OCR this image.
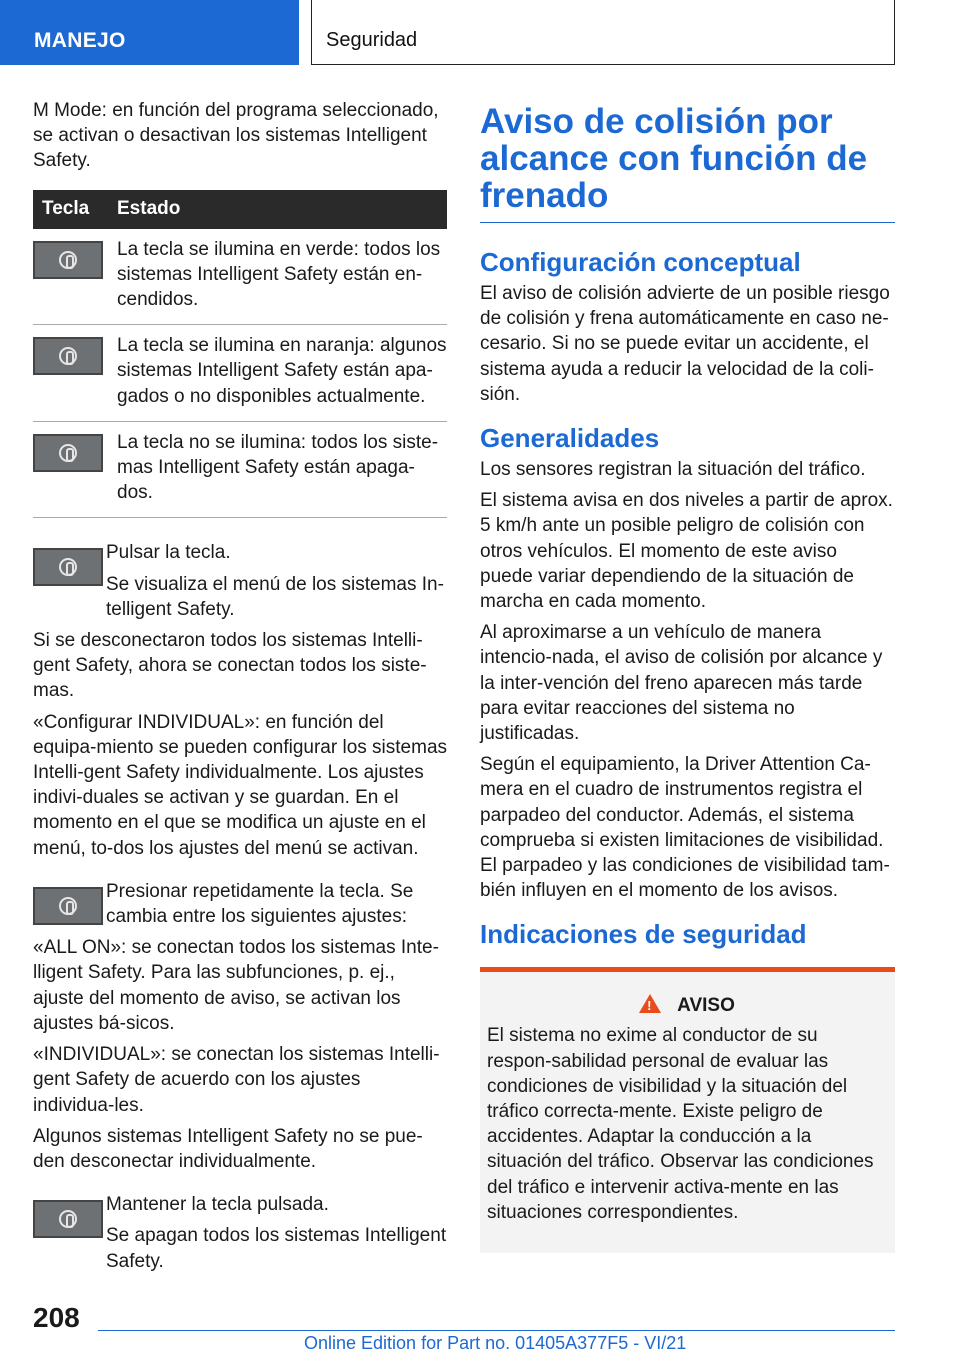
MANEJO	Seguridad

M Mode: en función del programa seleccionado, se activan o desactivan los sistemas Intelligent Safety.

Tecla	Estado

	La tecla se ilumina en verde: todos los sistemas Intelligent Safety están en-cendidos.

	La tecla se ilumina en naranja: algunos sistemas Intelligent Safety están apa-gados o no disponibles actualmente.

	La tecla no se ilumina: todos los siste-mas Intelligent Safety están apaga-dos.

Pulsar la tecla.

Se visualiza el menú de los sistemas In-telligent Safety.

Si se desconectaron todos los sistemas Intelli-gent Safety, ahora se conectan todos los siste-mas.

«Configurar INDIVIDUAL»: en función del equipa-miento se pueden configurar los sistemas Intelli-gent Safety individualmente. Los ajustes indivi-duales se activan y se guardan. En el momento en el que se modifica un ajuste en el menú, to-dos los ajustes del menú se activan.

Presionar repetidamente la tecla. Se cambia entre los siguientes ajustes:

«ALL ON»: se conectan todos los sistemas Inte-lligent Safety. Para las subfunciones, p. ej., ajuste del momento de aviso, se activan los ajustes bá-sicos.

«INDIVIDUAL»: se conectan los sistemas Intelli-gent Safety de acuerdo con los ajustes individua-les.

Algunos sistemas Intelligent Safety no se pue-den desconectar individualmente.

Mantener la tecla pulsada.

Se apagan todos los sistemas Intelligent Safety.

Aviso de colisión por alcance con función de frenado
Configuración conceptual

El aviso de colisión advierte de un posible riesgo de colisión y frena automáticamente en caso ne-cesario. Si no se puede evitar un accidente, el sistema ayuda a reducir la velocidad de la coli-sión.

Generalidades

Los sensores registran la situación del tráfico.

El sistema avisa en dos niveles a partir de aprox. 5 km/h ante un posible peligro de colisión con otros vehículos. El momento de este aviso puede variar dependiendo de la situación de marcha en cada momento.

Al aproximarse a un vehículo de manera intencio-nada, el aviso de colisión por alcance y la inter-vención del freno aparecen más tarde para evitar reacciones del sistema no justificadas.

Según el equipamiento, la Driver Attention Ca-mera en el cuadro de instrumentos registra el parpadeo del conductor. Además, el sistema comprueba si existen limitaciones de visibilidad. El parpadeo y las condiciones de visibilidad tam-bién influyen en el momento de los avisos.

Indicaciones de seguridad
!AVISO

El sistema no exime al conductor de su respon-sabilidad personal de evaluar las condiciones de visibilidad y la situación del tráfico correcta-mente. Existe peligro de accidentes. Adaptar la conducción a la situación del tráfico. Observar las condiciones del tráfico e intervenir activa-mente en las situaciones correspondientes.

208
Online Edition for Part no. 01405A377F5 - VI/21
